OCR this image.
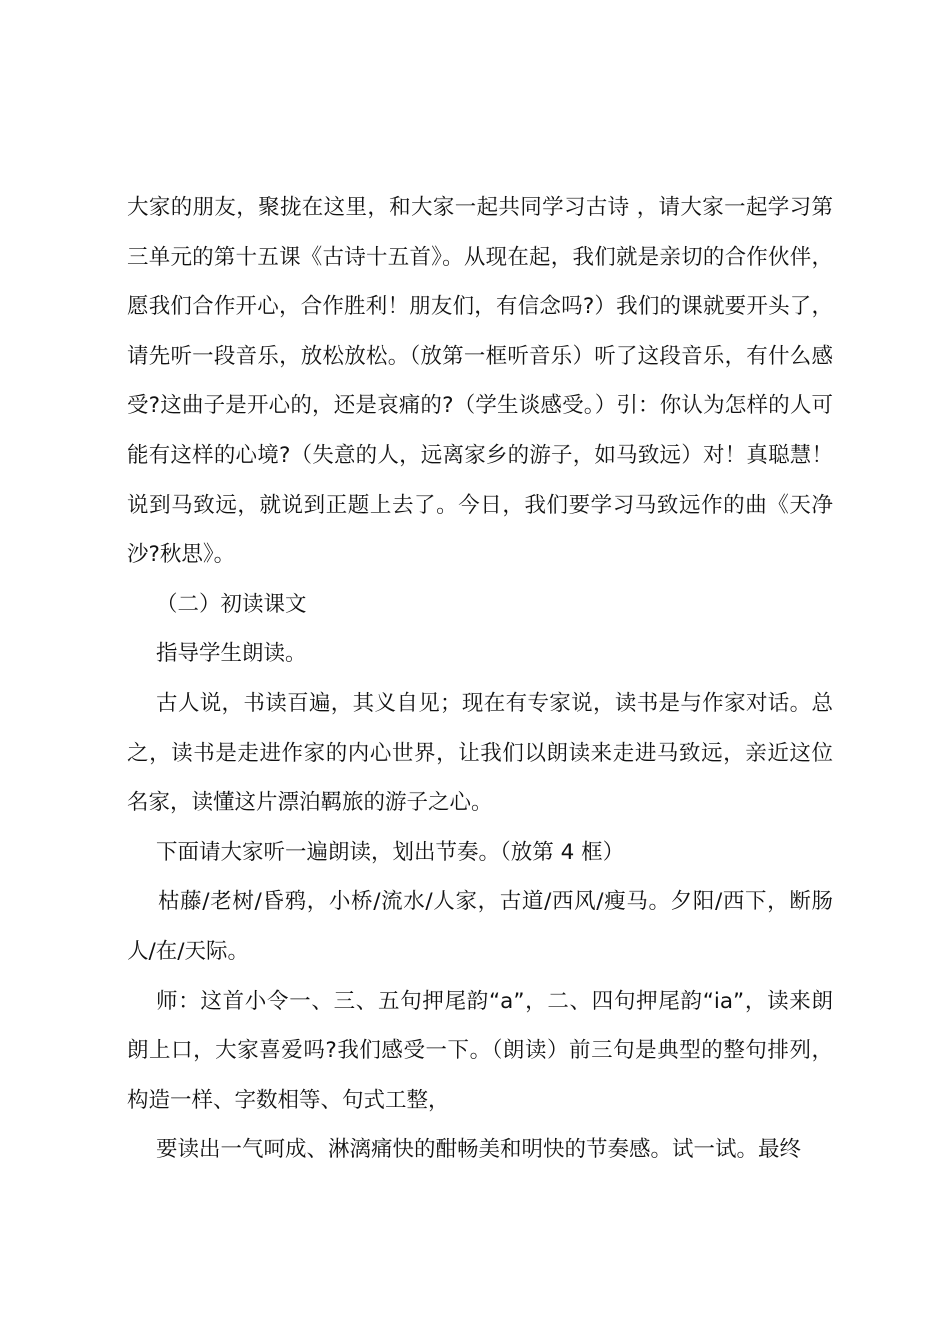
大家的朋友，聚拢在这里，和大家一起共同学习古诗 ，请大家一起学习第三单元的第十五课《古诗十五首》。从现在起，我们就是亲切的合作伙伴，愿我们合作开心，合作胜利！朋友们，有信念吗?）我们的课就要开头了，请先听一段音乐，放松放松。（放第一框听音乐）听了这段音乐，有什么感受?这曲子是开心的，还是哀痛的?（学生谈感受。）引：你认为怎样的人可能有这样的心境?（失意的人，远离家乡的游子，如马致远）对！真聪慧！说到马致远，就说到正题上去了。今日，我们要学习马致远作的曲《天净沙?秋思》。

（二）初读课文

指导学生朗读。

古人说，书读百遍，其义自见；现在有专家说，读书是与作家对话。总之，读书是走进作家的内心世界，让我们以朗读来走进马致远，亲近这位名家，读懂这片漂泊羁旅的游子之心。

下面请大家听一遍朗读，划出节奏。（放第 4 框）

枯藤/老树/昏鸦，小桥/流水/人家，古道/西风/瘦马。夕阳/西下，断肠人/在/天际。

师：这首小令一、三、五句押尾韵“a”，二、四句押尾韵“ia”，读来朗朗上口，大家喜爱吗?我们感受一下。（朗读）前三句是典型的整句排列，构造一样、字数相等、句式工整，

要读出一气呵成、淋漓痛快的酣畅美和明快的节奏感。试一试。最终
